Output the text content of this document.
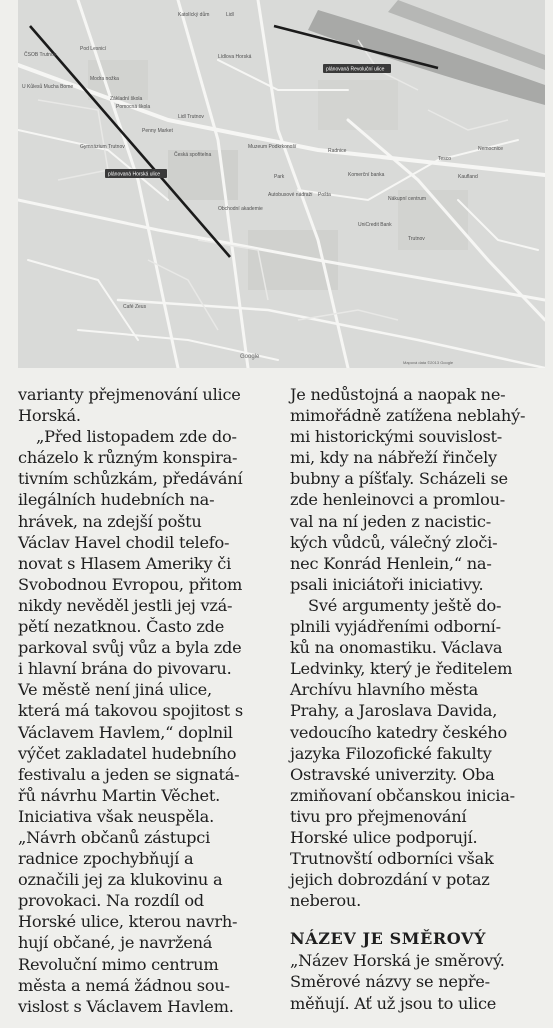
plánovaná Horská ulice
plánovaná Revoluční ulice
Katolícký dům	Lidl
ČSOB Trutnov
Pod Lesnicí
U Kůlesů Mucha Bome
Modra nožka
Základní škola
Pomocná škola
Lídlova Horská
Lidl Trutnov
Gymnázium Trutnov
Penny Market
Česká spořitelna
Muzeum Podkrkonoší
Radnice
Park
Pošta
Nákupní centrum
Tesco
Kaufland
Nemocnice
Obchodní akademie
Café Zeus
Autobusové nádraží
Komerční banka
UniCredit Bank
Trutnov
Google
Mapová data ©2013 Google
varianty přejmenování ulice
Horská.
„Před listopadem zde do-
cházelo k různým konspira-
tivním schůzkám, předávání
ilegálních hudebních na-
hrávek, na zdejší poštu
Václav Havel chodil telefo-
novat s Hlasem Ameriky či
Svobodnou Evropou, přitom
nikdy nevěděl jestli jej vzá-
pětí nezatknou. Často zde
parkoval svůj vůz a byla zde
i hlavní brána do pivovaru.
Ve městě není jiná ulice,
která má takovou spojitost s
Václavem Havlem,“ doplnil
výčet zakladatel hudebního
festivalu a jeden se signatá-
řů návrhu Martin Věchet.
Iniciativa však neuspěla.
„Návrh občanů zástupci
radnice zpochybňují a
označili jej za klukovinu a
provokaci. Na rozdíl od
Horské ulice, kterou navrh-
hují občané, je navržená
Revoluční mimo centrum
města a nemá žádnou sou-
vislost s Václavem Havlem.
Je nedůstojná a naopak ne-
mimořádně zatížena neblahý-
mi historickými souvislost-
mi, kdy na nábřeží řinčely
bubny a píšťaly. Scházeli se
zde henleinovci a promlou-
val na ní jeden z nacistic-
kých vůdců, válečný zloči-
nec Konrád Henlein,“ na-
psali iniciátoři iniciativy.
Své argumenty ještě do-
plnili vyjádřeními odborní-
ků na onomastiku. Václava
Ledvinky, který je ředitelem
Archívu hlavního města
Prahy, a Jaroslava Davida,
vedoucího katedry českého
jazyka Filozofické fakulty
Ostravské univerzity. Oba
zmiňovaní občanskou inicia-
tivu pro přejmenování
Horské ulice podporují.
Trutnovští odborníci však
jejich dobrozdání v potaz
neberou.
NÁZEV JE SMĚROVÝ
„Název Horská je směrový.
Směrové názvy se nepře-
měňují. Ať už jsou to ulice
